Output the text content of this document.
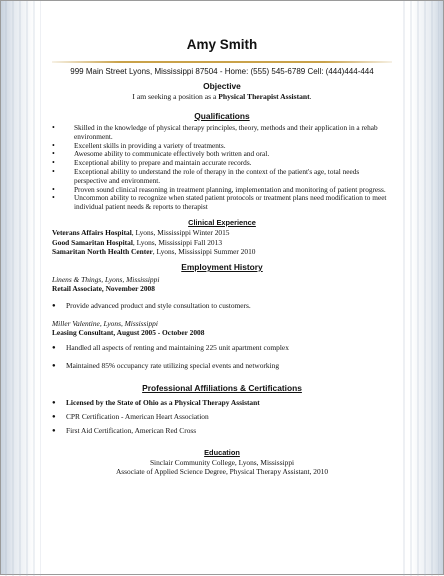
Amy Smith

999 Main Street Lyons, Mississippi 87504 - Home: (555) 545-6789 Cell: (444)444-444

Objective

I am seeking a position as a Physical Therapist Assistant.

Qualifications

• Skilled in the knowledge of physical therapy principles, theory, methods and their application in a rehab environment.
• Excellent skills in providing a variety of treatments.
• Awesome ability to communicate effectively both written and oral.
• Exceptional ability to prepare and maintain accurate records.
• Exceptional ability to understand the role of therapy in the context of the patient's age, total needs perspective and environment.
• Proven sound clinical reasoning in treatment planning, implementation and monitoring of patient progress.
• Uncommon ability to recognize when stated patient protocols or treatment plans need modification to meet individual patient needs & reports to therapist

Clinical Experience

Veterans Affairs Hospital, Lyons, Mississippi Winter 2015

Good Samaritan Hospital, Lyons, Mississippi Fall 2013

Samaritan North Health Center, Lyons, Mississippi Summer 2010

Employment History

Linens & Things, Lyons, Mississippi

Retail Associate, November 2008

● Provide advanced product and style consultation to customers.

Miller Valentine, Lyons, Mississippi

Leasing Consultant, August 2005 - October 2008

● Handled all aspects of renting and maintaining 225 unit apartment complex
● Maintained 85% occupancy rate utilizing special events and networking

Professional Affiliations & Certifications

● Licensed by the State of Ohio as a Physical Therapy Assistant
● CPR Certification - American Heart Association
● First Aid Certification, American Red Cross

Education

Sinclair Community College, Lyons, Mississippi

Associate of Applied Science Degree, Physical Therapy Assistant, 2010
